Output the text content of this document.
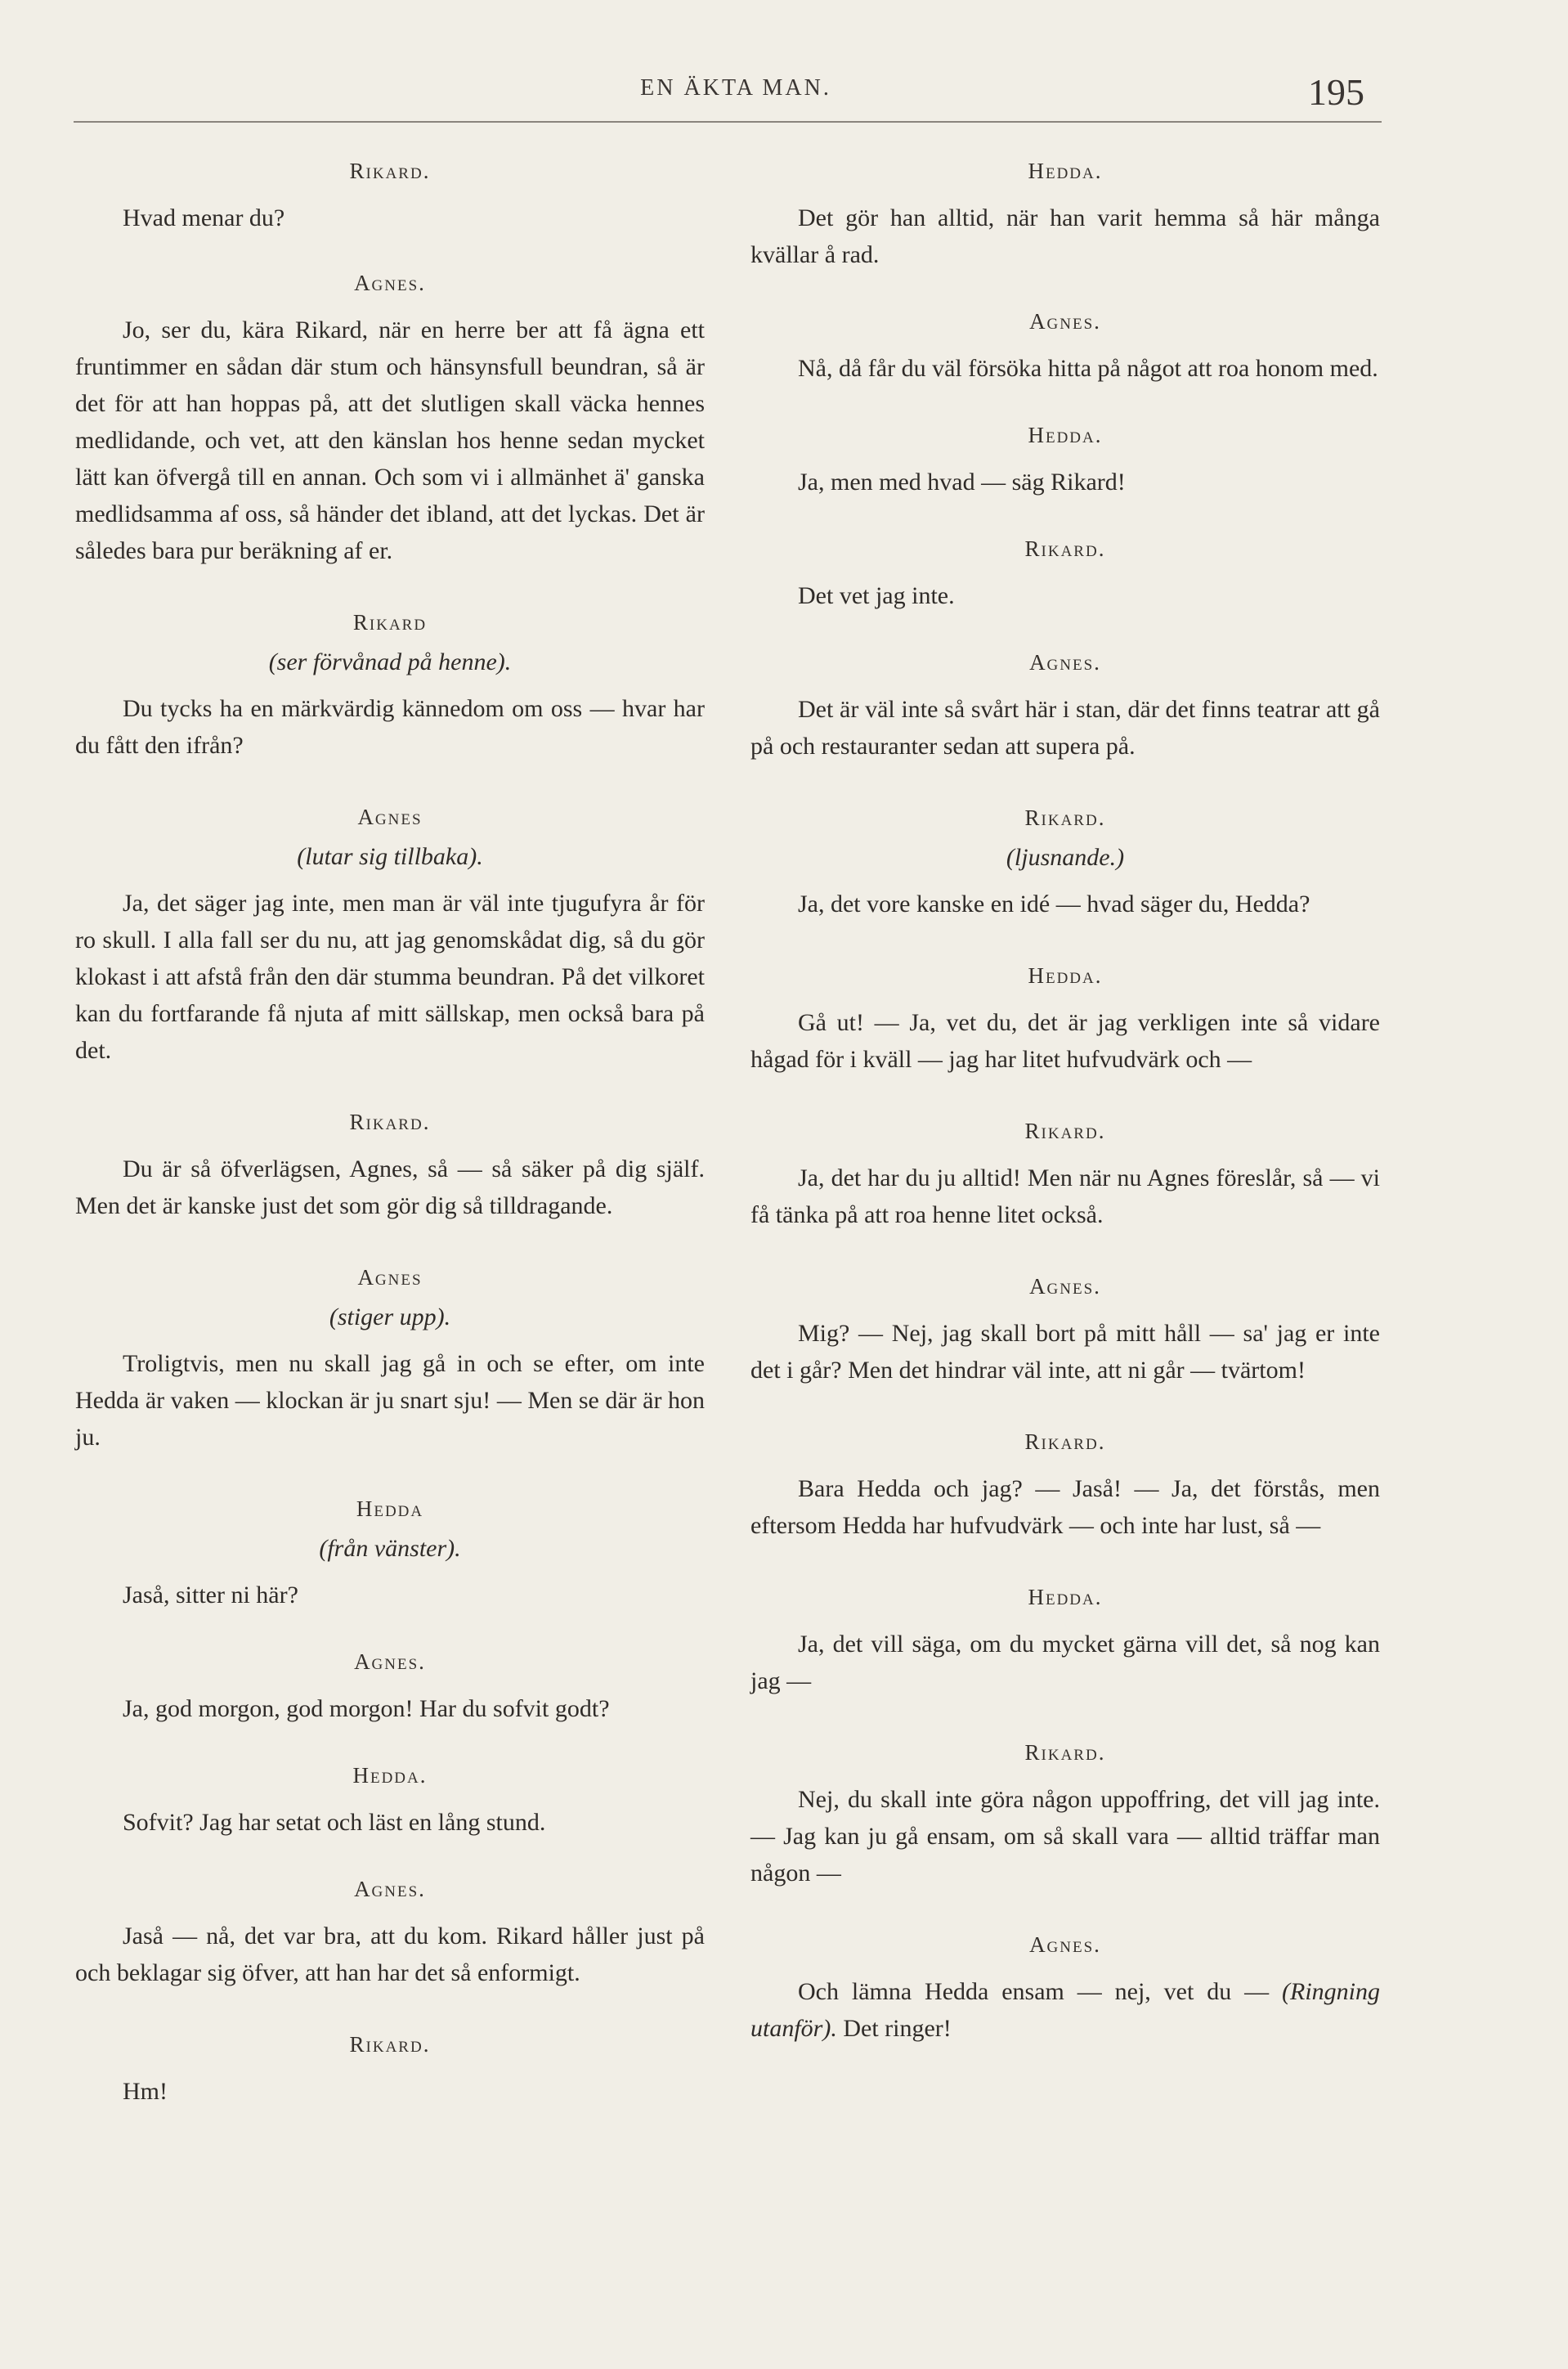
EN ÄKTA MAN.	195
Rikard.

Hvad menar du?

Agnes.

Jo, ser du, kära Rikard, när en herre ber att få ägna ett fruntimmer en sådan där stum och hänsynsfull beundran, så är det för att han hoppas på, att det slutligen skall väcka hennes medlidande, och vet, att den känslan hos henne sedan mycket lätt kan öfvergå till en annan. Och som vi i allmänhet ä' ganska medlidsamma af oss, så händer det ibland, att det lyckas. Det är således bara pur beräkning af er.

Rikard
(ser förvånad på henne).

Du tycks ha en märkvärdig kännedom om oss — hvar har du fått den ifrån?

Agnes
(lutar sig tillbaka).

Ja, det säger jag inte, men man är väl inte tjugufyra år för ro skull. I alla fall ser du nu, att jag genomskådat dig, så du gör klokast i att afstå från den där stumma beundran. På det vilkoret kan du fortfarande få njuta af mitt sällskap, men också bara på det.

Rikard.

Du är så öfverlägsen, Agnes, så — så säker på dig själf. Men det är kanske just det som gör dig så tilldragande.

Agnes
(stiger upp).

Troligtvis, men nu skall jag gå in och se efter, om inte Hedda är vaken — klockan är ju snart sju! — Men se där är hon ju.

Hedda
(från vänster).

Jaså, sitter ni här?

Agnes.

Ja, god morgon, god morgon! Har du sofvit godt?

Hedda.

Sofvit? Jag har setat och läst en lång stund.

Agnes.

Jaså — nå, det var bra, att du kom. Rikard håller just på och beklagar sig öfver, att han har det så enformigt.

Rikard.

Hm!

Hedda.

Det gör han alltid, när han varit hemma så här många kvällar å rad.

Agnes.

Nå, då får du väl försöka hitta på något att roa honom med.

Hedda.

Ja, men med hvad — säg Rikard!

Rikard.

Det vet jag inte.

Agnes.

Det är väl inte så svårt här i stan, där det finns teatrar att gå på och restauranter sedan att supera på.

Rikard.
(ljusnande.)

Ja, det vore kanske en idé — hvad säger du, Hedda?

Hedda.

Gå ut! — Ja, vet du, det är jag verkligen inte så vidare hågad för i kväll — jag har litet hufvudvärk och —

Rikard.

Ja, det har du ju alltid! Men när nu Agnes föreslår, så — vi få tänka på att roa henne litet också.

Agnes.

Mig? — Nej, jag skall bort på mitt håll — sa' jag er inte det i går? Men det hindrar väl inte, att ni går — tvärtom!

Rikard.

Bara Hedda och jag? — Jaså! — Ja, det förstås, men eftersom Hedda har hufvudvärk — och inte har lust, så —

Hedda.

Ja, det vill säga, om du mycket gärna vill det, så nog kan jag —

Rikard.

Nej, du skall inte göra någon uppoffring, det vill jag inte. — Jag kan ju gå ensam, om så skall vara — alltid träffar man någon —

Agnes.

Och lämna Hedda ensam — nej, vet du — (Ringning utanför). Det ringer!
